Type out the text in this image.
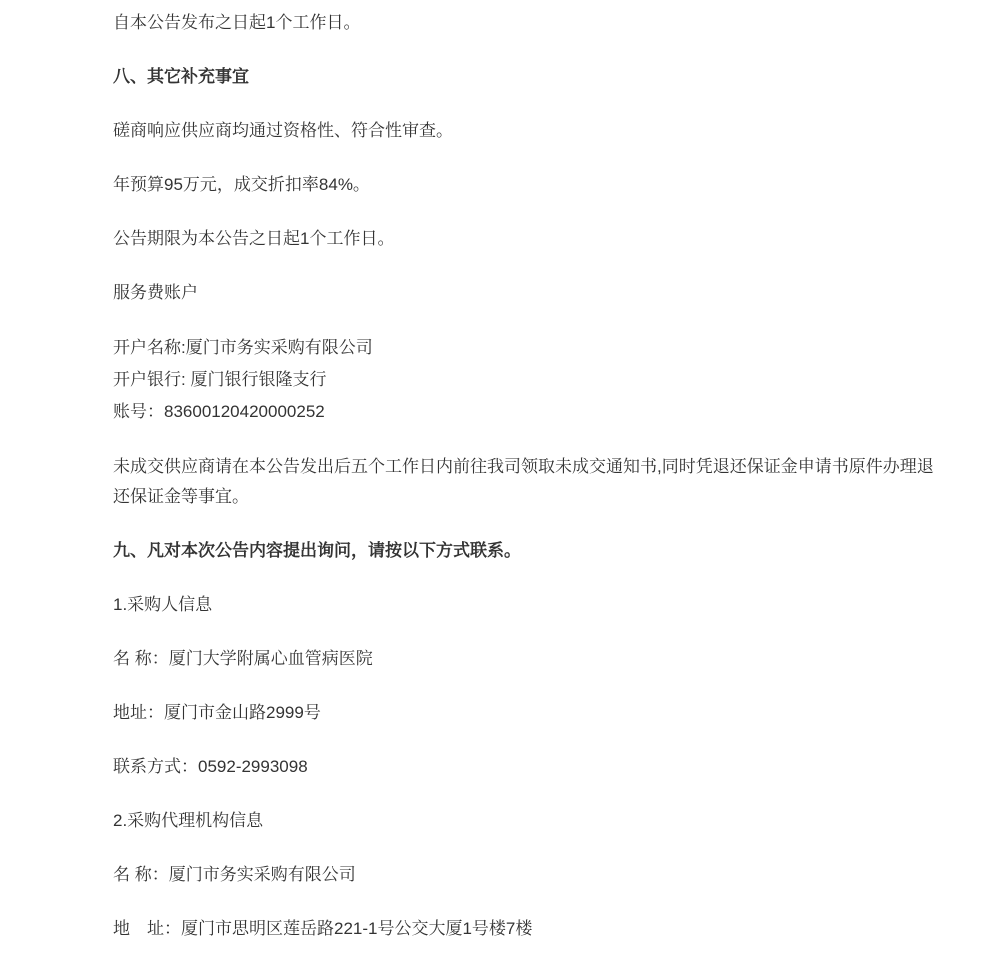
自本公告发布之日起1个工作日。

八、其它补充事宜

磋商响应供应商均通过资格性、符合性审查。

年预算95万元，成交折扣率84%。

公告期限为本公告之日起1个工作日。

服务费账户

开户名称:厦门市务实采购有限公司
开户银行: 厦门银行银隆支行
账号：83600120420000252

未成交供应商请在本公告发出后五个工作日内前往我司领取未成交通知书,同时凭退还保证金申请书原件办理退还保证金等事宜。

九、凡对本次公告内容提出询问，请按以下方式联系。

1.采购人信息

名 称：厦门大学附属心血管病医院

地址：厦门市金山路2999号

联系方式：0592-2993098

2.采购代理机构信息

名 称：厦门市务实采购有限公司

地　址：厦门市思明区莲岳路221-1号公交大厦1号楼7楼
